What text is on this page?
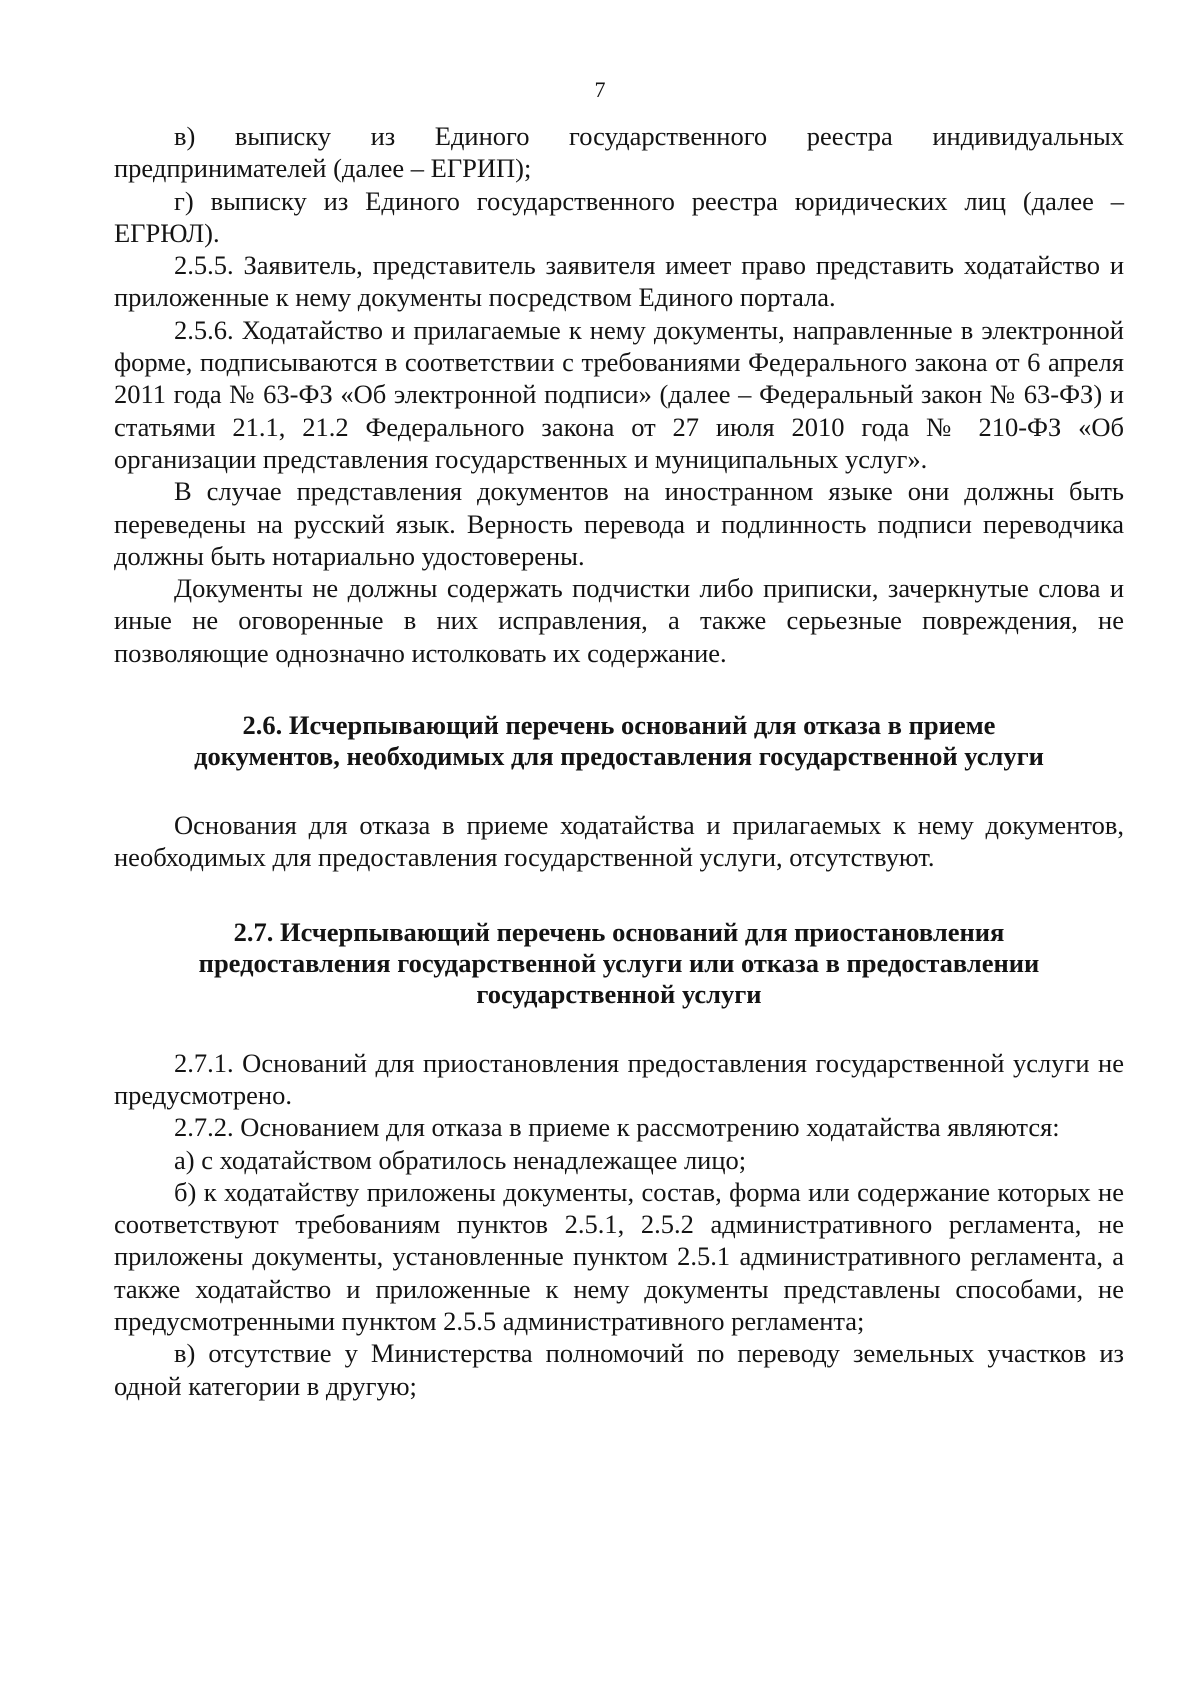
7

в) выписку из Единого государственного реестра индивидуальных предпринимателей (далее – ЕГРИП);

г) выписку из Единого государственного реестра юридических лиц (далее – ЕГРЮЛ).

2.5.5. Заявитель, представитель заявителя имеет право представить ходатайство и приложенные к нему документы посредством Единого портала.

2.5.6. Ходатайство и прилагаемые к нему документы, направленные в электронной форме, подписываются в соответствии с требованиями Федерального закона от 6 апреля 2011 года № 63-ФЗ «Об электронной подписи» (далее – Федеральный закон № 63-ФЗ) и статьями 21.1, 21.2 Федерального закона от 27 июля 2010 года № 210-ФЗ «Об организации представления государственных и муниципальных услуг».

В случае представления документов на иностранном языке они должны быть переведены на русский язык. Верность перевода и подлинность подписи переводчика должны быть нотариально удостоверены.

Документы не должны содержать подчистки либо приписки, зачеркнутые слова и иные не оговоренные в них исправления, а также серьезные повреждения, не позволяющие однозначно истолковать их содержание.

2.6. Исчерпывающий перечень оснований для отказа в приеме документов, необходимых для предоставления государственной услуги

Основания для отказа в приеме ходатайства и прилагаемых к нему документов, необходимых для предоставления государственной услуги, отсутствуют.

2.7. Исчерпывающий перечень оснований для приостановления предоставления государственной услуги или отказа в предоставлении государственной услуги

2.7.1. Оснований для приостановления предоставления государственной услуги не предусмотрено.

2.7.2. Основанием для отказа в приеме к рассмотрению ходатайства являются:

а) с ходатайством обратилось ненадлежащее лицо;

б) к ходатайству приложены документы, состав, форма или содержание которых не соответствуют требованиям пунктов 2.5.1, 2.5.2 административного регламента, не приложены документы, установленные пунктом 2.5.1 административного регламента, а также ходатайство и приложенные к нему документы представлены способами, не предусмотренными пунктом 2.5.5 административного регламента;

в) отсутствие у Министерства полномочий по переводу земельных участков из одной категории в другую;
